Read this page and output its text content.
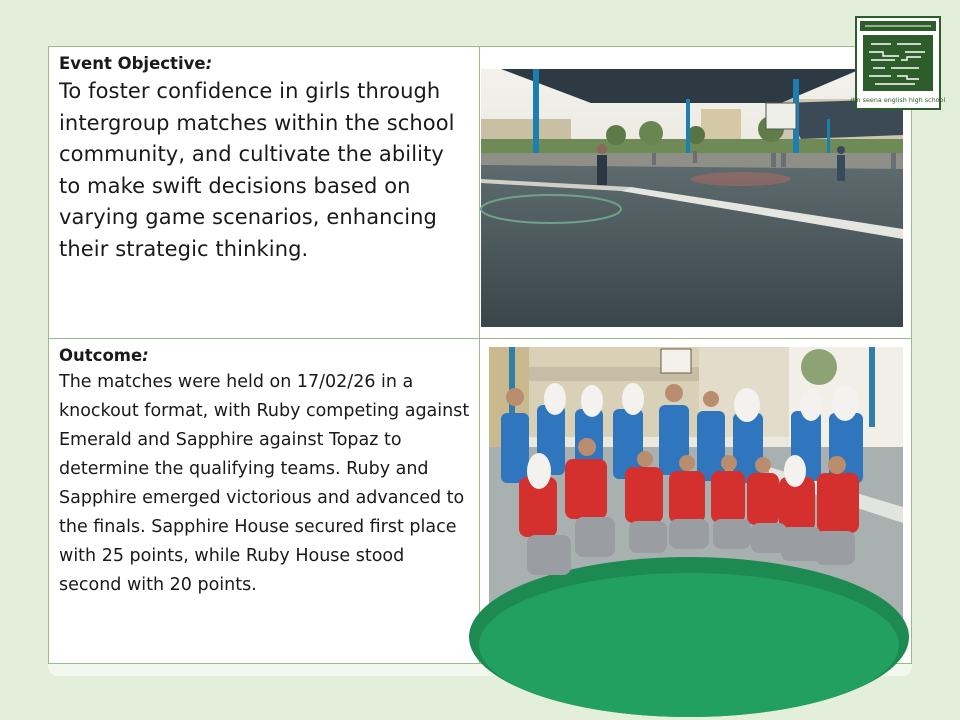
Event Objective:

To foster confidence in girls through intergroup matches within the school community, and cultivate the ability to make swift decisions based on varying game scenarios, enhancing their strategic thinking.

Outcome:

The matches were held on 17/02/26 in a knockout format, with Ruby competing against Emerald and Sapphire against Topaz to determine the qualifying teams. Ruby and Sapphire emerged victorious and advanced to the finals. Sapphire House secured first place with 25 points, while Ruby House stood second with 20 points.

ibn seena english high school
